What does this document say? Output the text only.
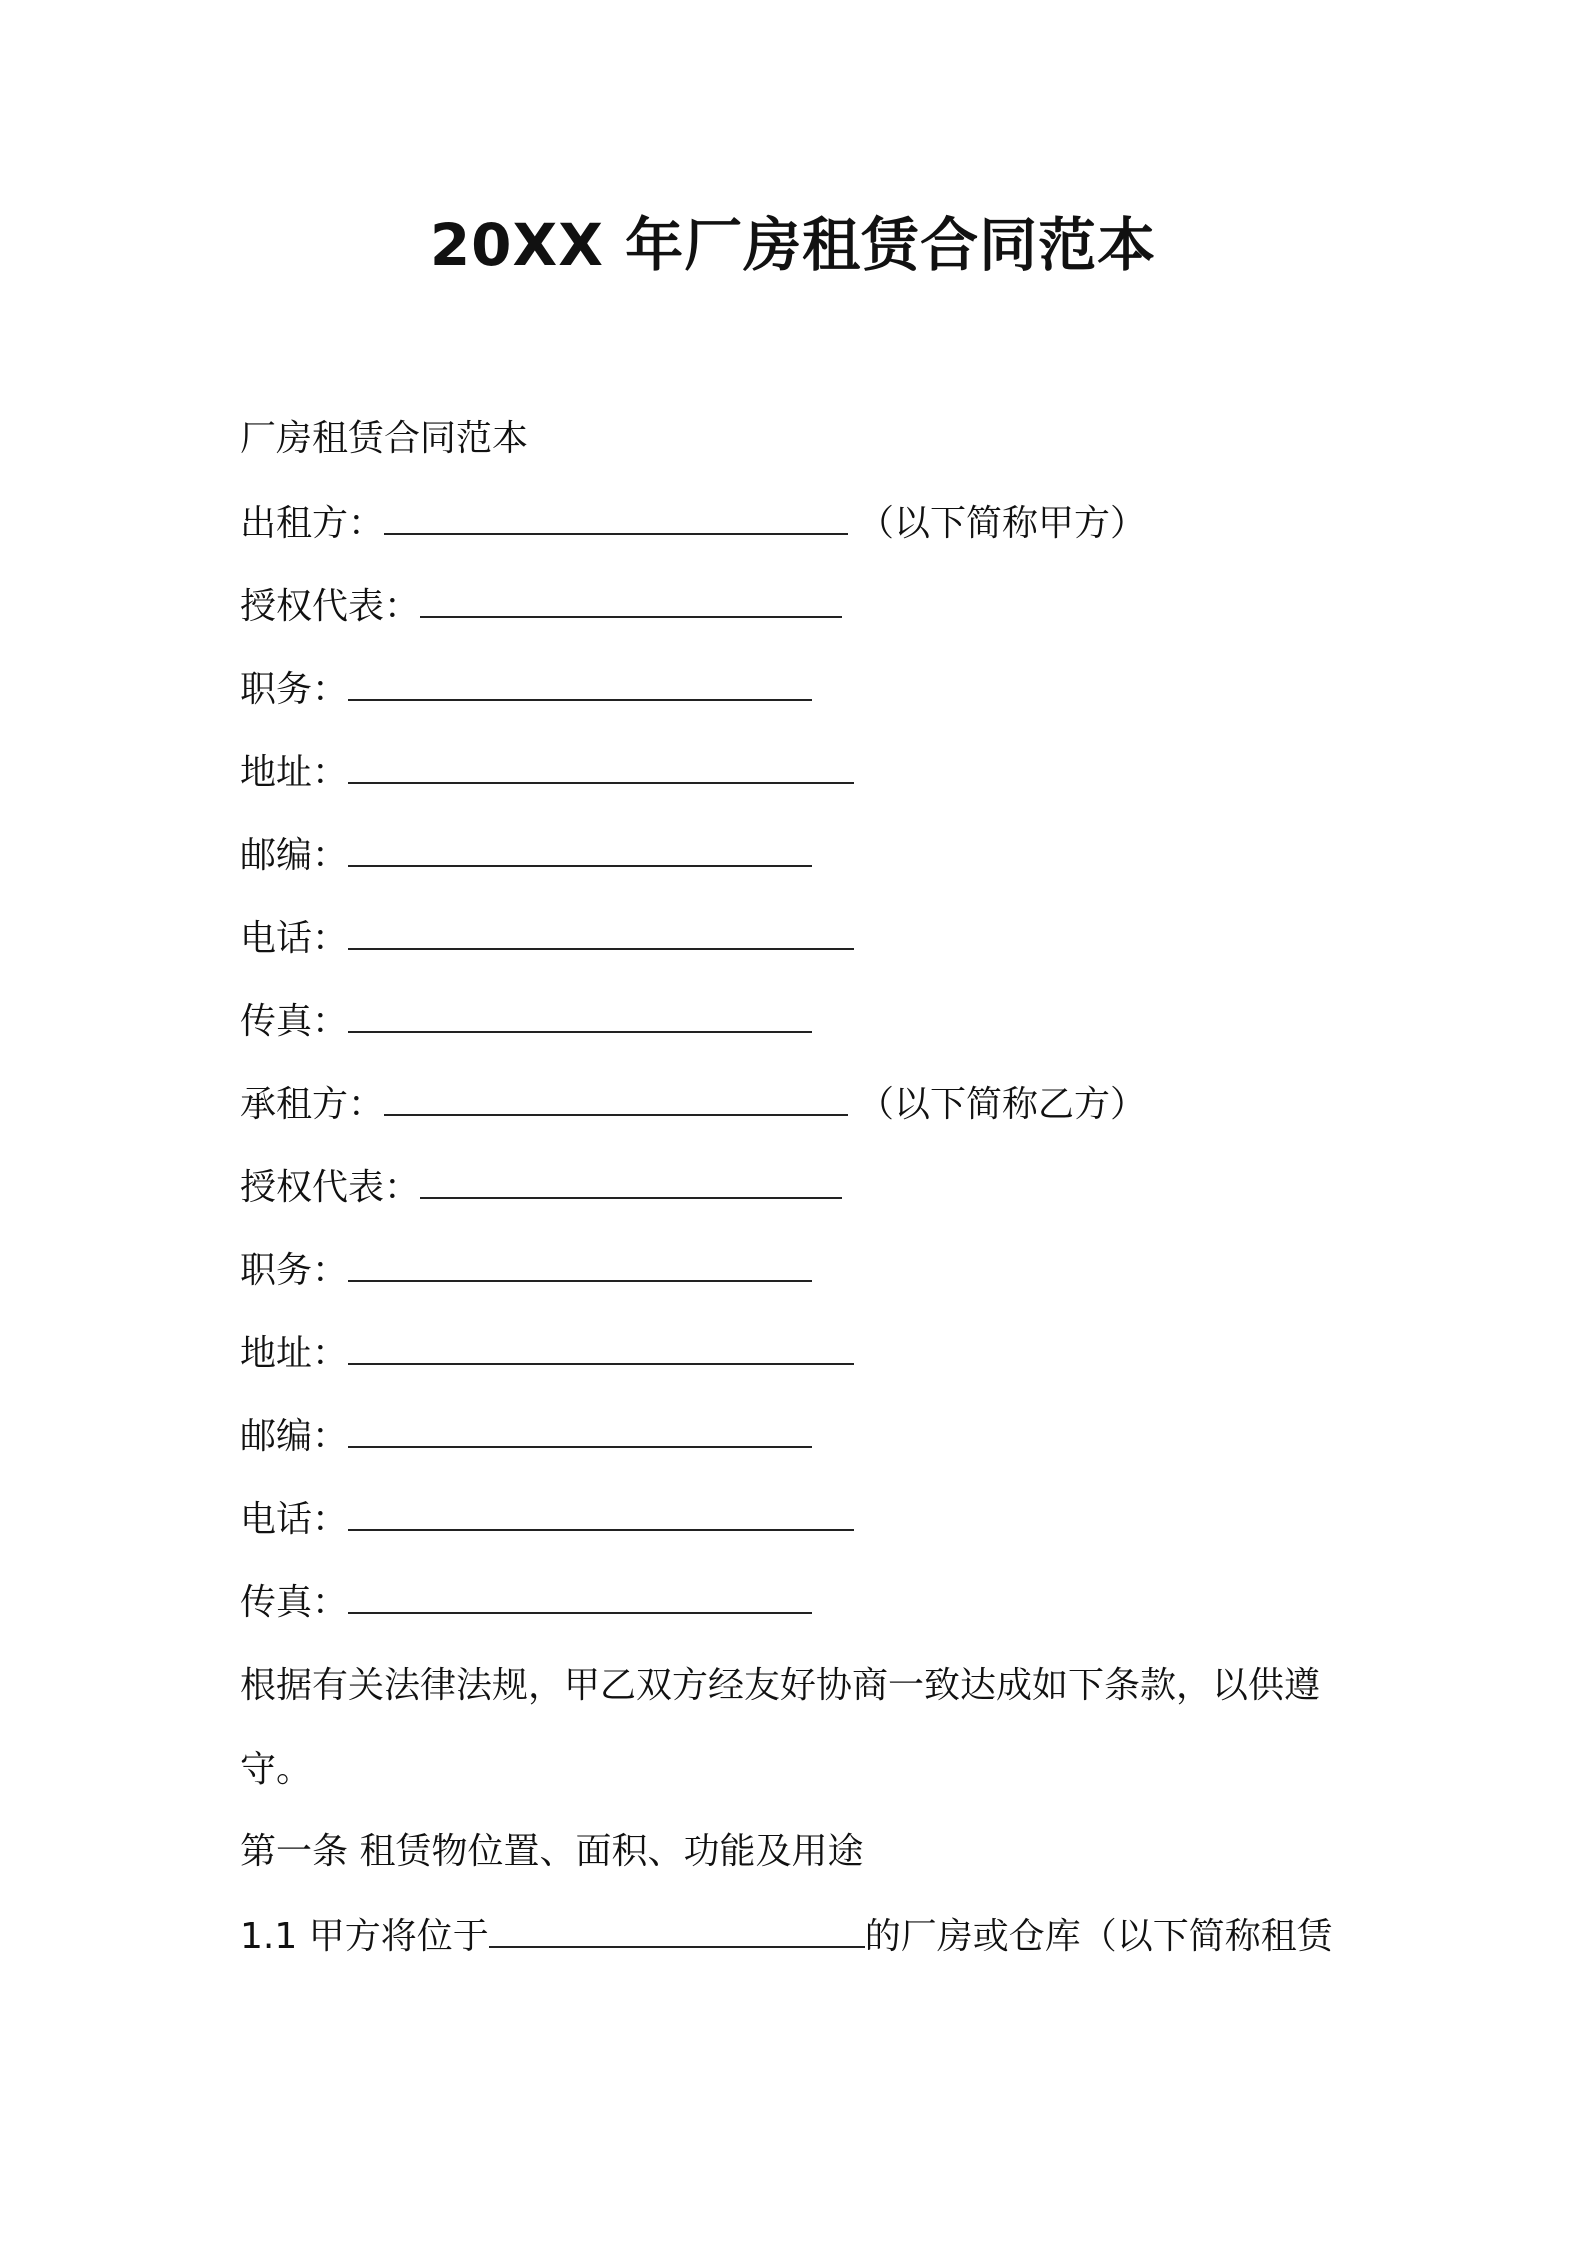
20XX 年厂房租赁合同范本
厂房租赁合同范本
出租方：	（以下简称甲方）
授权代表：
职务：
地址：
邮编：
电话：
传真：
承租方：	（以下简称乙方）
授权代表：
职务：
地址：
邮编：
电话：
传真：
根据有关法律法规，甲乙双方经友好协商一致达成如下条款，以供遵
守。
第一条 租赁物位置、面积、功能及用途
1.1 甲方将位于	的厂房或仓库（以下简称租赁
